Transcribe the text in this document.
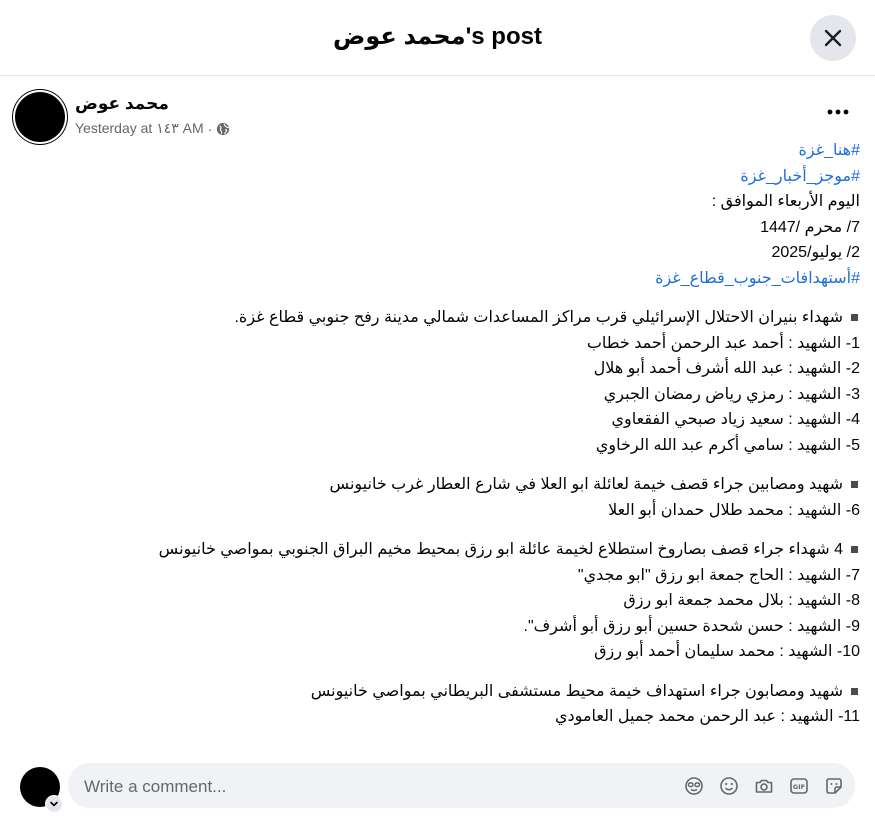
محمد عوض's post
محمد عوض
Yesterday at ١٤٣ AM ·
#هنا_غزة
#موجز_أخبار_غزة
اليوم الأربعاء الموافق :
7/ محرم /1447
2/ يوليو/2025
#أستهدافات_جنوب_قطاع_غزة
شهداء بنيران الاحتلال الإسرائيلي قرب مراكز المساعدات شمالي مدينة رفح جنوبي قطاع غزة.
1- الشهيد : أحمد عبد الرحمن أحمد خطاب
2- الشهيد : عبد الله أشرف أحمد أبو هلال
3- الشهيد : رمزي رياض رمضان الجبري
4- الشهيد : سعيد زياد صبحي الفقعاوي
5- الشهيد : سامي أكرم عبد الله الرخاوي
شهيد ومصابين جراء قصف خيمة لعائلة ابو العلا في شارع العطار غرب خانيونس
6- الشهيد : محمد طلال حمدان أبو العلا
4 شهداء جراء قصف بصاروخ استطلاع لخيمة عائلة ابو رزق بمحيط مخيم البراق الجنوبي بمواصي خانيونس
7- الشهيد : الحاج جمعة ابو رزق "ابو مجدي"
8- الشهيد : بلال محمد جمعة ابو رزق
9- الشهيد : حسن شحدة حسين أبو رزق أبو أشرف".
10- الشهيد : محمد سليمان أحمد أبو رزق
شهيد ومصابون جراء استهداف خيمة محيط مستشفى البريطاني بمواصي خانيونس
11- الشهيد : عبد الرحمن محمد جميل العامودي
Write a comment...
GIF
